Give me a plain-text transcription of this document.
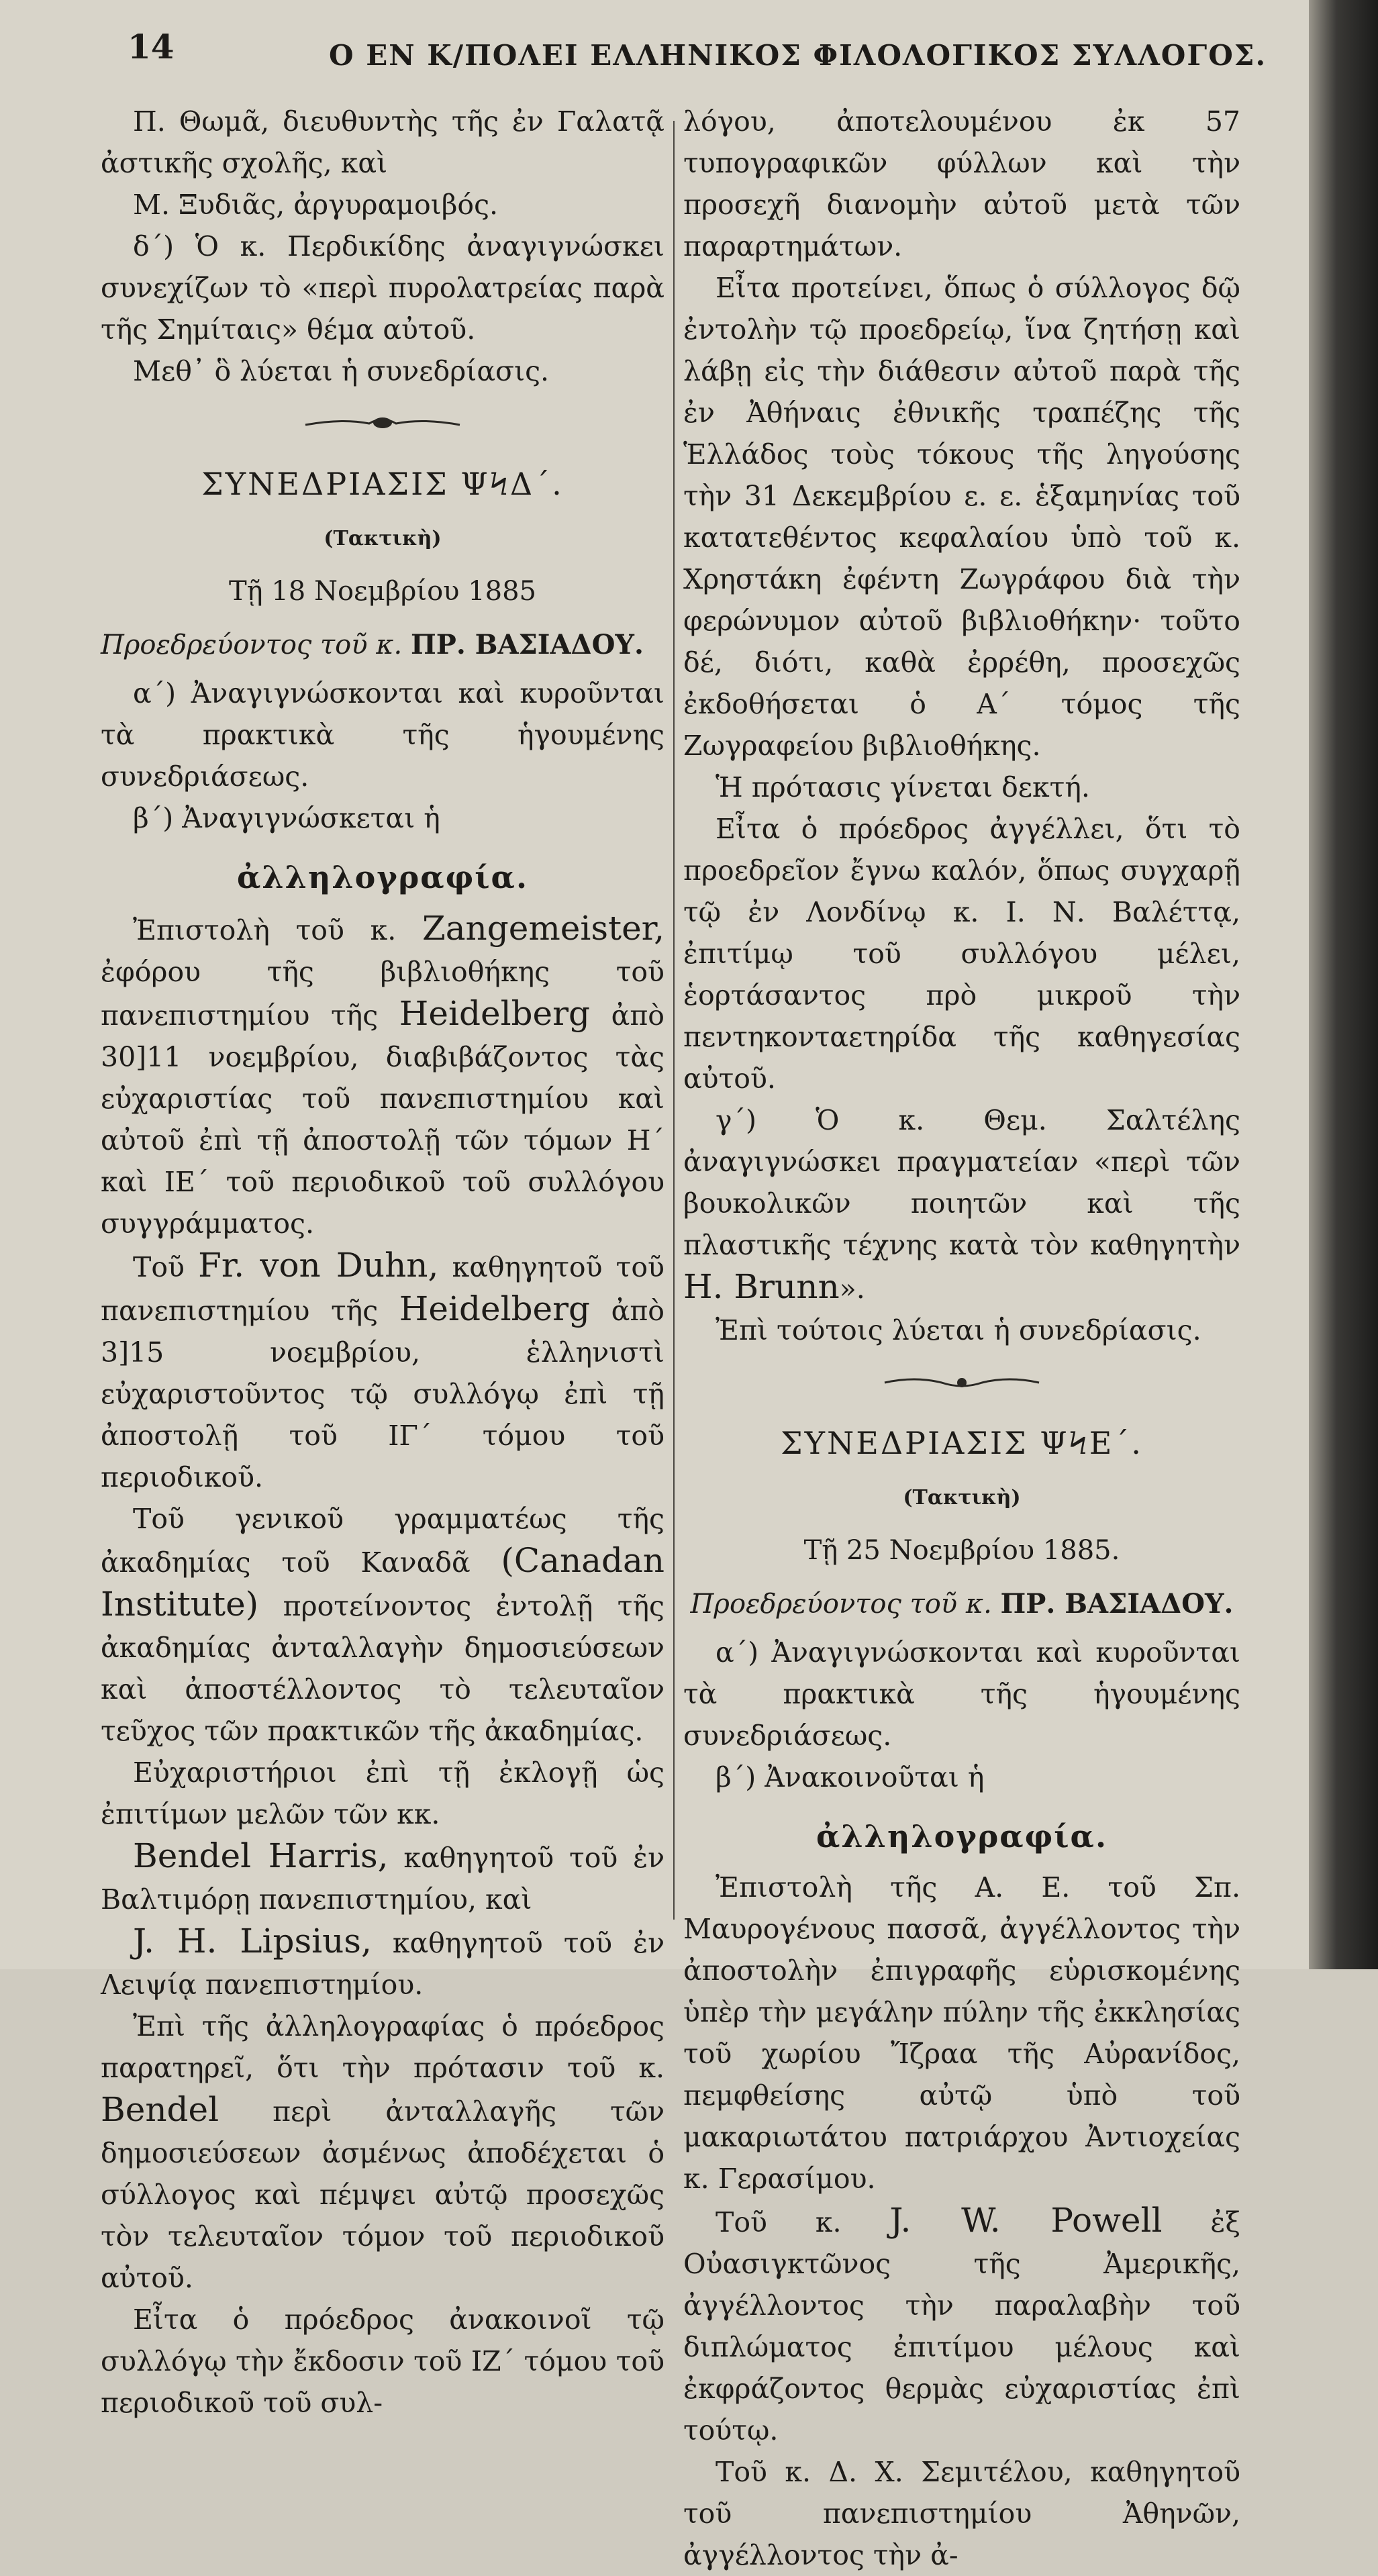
14	Ο ΕΝ Κ/ΠΟΛΕΙ ΕΛΛΗΝΙΚΟΣ ΦΙΛΟΛΟΓΙΚΟΣ ΣΥΛΛΟΓΟΣ.

Π. Θωμᾶ, διευθυντὴς τῆς ἐν Γαλατᾷ ἀστικῆς σχολῆς, καὶ

Μ. Ξυδιᾶς, ἀργυραμοιβός.

δ΄) Ὁ κ. Περδικίδης ἀναγιγνώσκει συνεχίζων τὸ «περὶ πυρολατρείας παρὰ τῆς Σημίταις» θέμα αὐτοῦ.

Μεθ᾽ ὃ λύεται ἡ συνεδρίασις.

ΣΥΝΕΔΡΙΑΣΙΣ ΨϞΔ΄.

(Τακτικὴ)

Τῇ 18 Νοεμβρίου 1885

Προεδρεύοντος τοῦ κ. ΠΡ. ΒΑΣΙΑΔΟΥ.

α΄) Ἀναγιγνώσκονται καὶ κυροῦνται τὰ πρακτικὰ τῆς ἡγουμένης συνεδριάσεως.

β΄) Ἀναγιγνώσκεται ἡ

ἀλληλογραφία.

Ἐπιστολὴ τοῦ κ. Zangemeister, ἐφόρου τῆς βιβλιοθήκης τοῦ πανεπιστημίου τῆς Heidelberg ἀπὸ 30]11 νοεμβρίου, διαβιβάζοντος τὰς εὐχαριστίας τοῦ πανεπιστημίου καὶ αὐτοῦ ἐπὶ τῇ ἀποστολῇ τῶν τόμων Η΄ καὶ ΙΕ΄ τοῦ περιοδικοῦ τοῦ συλλόγου συγγράμματος.

Τοῦ Fr. von Duhn, καθηγητοῦ τοῦ πανεπιστημίου τῆς Heidelberg ἀπὸ 3]15 νοεμβρίου, ἑλληνιστὶ εὐχαριστοῦντος τῷ συλλόγῳ ἐπὶ τῇ ἀποστολῇ τοῦ ΙΓ΄ τόμου τοῦ περιοδικοῦ.

Τοῦ γενικοῦ γραμματέως τῆς ἀκαδημίας τοῦ Καναδᾶ (Canadan Institute) προτείνοντος ἐντολῇ τῆς ἀκαδημίας ἀνταλλαγὴν δημοσιεύσεων καὶ ἀποστέλλοντος τὸ τελευταῖον τεῦχος τῶν πρακτικῶν τῆς ἀκαδημίας.

Εὐχαριστήριοι ἐπὶ τῇ ἐκλογῇ ὡς ἐπιτίμων μελῶν τῶν κκ.

Bendel Harris, καθηγητοῦ τοῦ ἐν Βαλτιμόρῃ πανεπιστημίου, καὶ

J. H. Lipsius, καθηγητοῦ τοῦ ἐν Λειψίᾳ πανεπιστημίου.

Ἐπὶ τῆς ἀλληλογραφίας ὁ πρόεδρος παρατηρεῖ, ὅτι τὴν πρότασιν τοῦ κ. Bendel περὶ ἀνταλλαγῆς τῶν δημοσιεύσεων ἀσμένως ἀποδέχεται ὁ σύλλογος καὶ πέμψει αὐτῷ προσεχῶς τὸν τελευταῖον τόμον τοῦ περιοδικοῦ αὐτοῦ.

Εἶτα ὁ πρόεδρος ἀνακοινοῖ τῷ συλλόγῳ τὴν ἔκδοσιν τοῦ ΙΖ΄ τόμου τοῦ περιοδικοῦ τοῦ συλ-

λόγου, ἀποτελουμένου ἐκ 57 τυπογραφικῶν φύλλων καὶ τὴν προσεχῆ διανομὴν αὐτοῦ μετὰ τῶν παραρτημάτων.

Εἶτα προτείνει, ὅπως ὁ σύλλογος δῷ ἐντολὴν τῷ προεδρείῳ, ἵνα ζητήσῃ καὶ λάβῃ εἰς τὴν διάθεσιν αὐτοῦ παρὰ τῆς ἐν Ἀθήναις ἐθνικῆς τραπέζης τῆς Ἑλλάδος τοὺς τόκους τῆς ληγούσης τὴν 31 Δεκεμβρίου ε. ε. ἑξαμηνίας τοῦ κατατεθέντος κεφαλαίου ὑπὸ τοῦ κ. Χρηστάκη ἐφέντη Ζωγράφου διὰ τὴν φερώνυμον αὐτοῦ βιβλιοθήκην· τοῦτο δέ, διότι, καθὰ ἐρρέθη, προσεχῶς ἐκδοθήσεται ὁ Α΄ τόμος τῆς Ζωγραφείου βιβλιοθήκης.

Ἡ πρότασις γίνεται δεκτή.

Εἶτα ὁ πρόεδρος ἀγγέλλει, ὅτι τὸ προεδρεῖον ἔγνω καλόν, ὅπως συγχαρῇ τῷ ἐν Λονδίνῳ κ. Ι. Ν. Βαλέττᾳ, ἐπιτίμῳ τοῦ συλλόγου μέλει, ἑορτάσαντος πρὸ μικροῦ τὴν πεντηκονταετηρίδα τῆς καθηγεσίας αὐτοῦ.

γ΄) Ὁ κ. Θεμ. Σαλτέλης ἀναγιγνώσκει πραγματείαν «περὶ τῶν βουκολικῶν ποιητῶν καὶ τῆς πλαστικῆς τέχνης κατὰ τὸν καθηγητὴν H. Brunn».

Ἐπὶ τούτοις λύεται ἡ συνεδρίασις.

ΣΥΝΕΔΡΙΑΣΙΣ ΨϞΕ΄.

(Τακτικὴ)

Τῇ 25 Νοεμβρίου 1885.

Προεδρεύοντος τοῦ κ. ΠΡ. ΒΑΣΙΑΔΟΥ.

α΄) Ἀναγιγνώσκονται καὶ κυροῦνται τὰ πρακτικὰ τῆς ἡγουμένης συνεδριάσεως.

β΄) Ἀνακοινοῦται ἡ

ἀλληλογραφία.

Ἐπιστολὴ τῆς Α. Ε. τοῦ Σπ. Μαυρογένους πασσᾶ, ἀγγέλλοντος τὴν ἀποστολὴν ἐπιγραφῆς εὑρισκομένης ὑπὲρ τὴν μεγάλην πύλην τῆς ἐκκλησίας τοῦ χωρίου Ἴζραα τῆς Αὐρανίδος, πεμφθείσης αὐτῷ ὑπὸ τοῦ μακαριωτάτου πατριάρχου Ἀντιοχείας κ. Γερασίμου.

Τοῦ κ. J. W. Powell ἐξ Οὐασιγκτῶνος τῆς Ἀμερικῆς, ἀγγέλλοντος τὴν παραλαβὴν τοῦ διπλώματος ἐπιτίμου μέλους καὶ ἐκφράζοντος θερμὰς εὐχαριστίας ἐπὶ τούτῳ.

Τοῦ κ. Δ. Χ. Σεμιτέλου, καθηγητοῦ τοῦ πανεπιστημίου Ἀθηνῶν, ἀγγέλλοντος τὴν ἀ-
